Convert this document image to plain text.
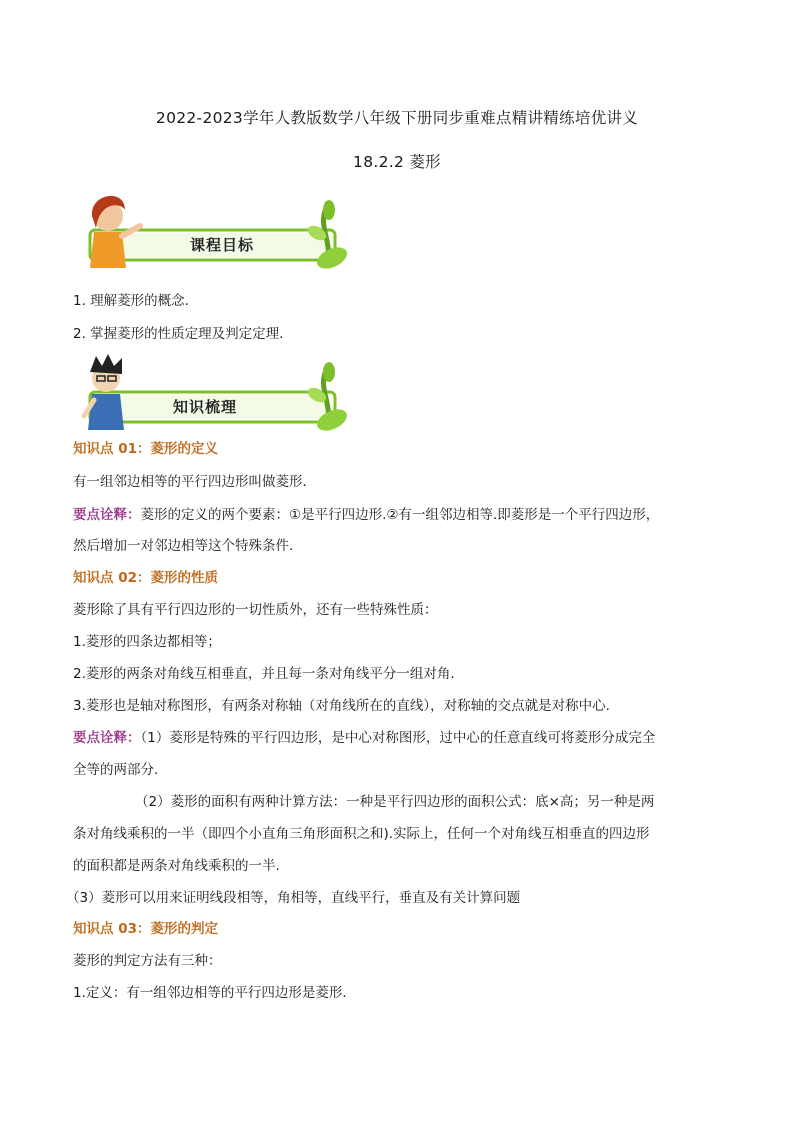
2022-2023学年人教版数学八年级下册同步重难点精讲精练培优讲义
18.2.2 菱形
课程目标
1. 理解菱形的概念.
2. 掌握菱形的性质定理及判定定理.
知识梳理
知识点 01：菱形的定义
有一组邻边相等的平行四边形叫做菱形.
要点诠释：菱形的定义的两个要素：①是平行四边形.②有一组邻边相等.即菱形是一个平行四边形，
然后增加一对邻边相等这个特殊条件.
知识点 02：菱形的性质
菱形除了具有平行四边形的一切性质外，还有一些特殊性质：
1.菱形的四条边都相等；
2.菱形的两条对角线互相垂直，并且每一条对角线平分一组对角.
3.菱形也是轴对称图形，有两条对称轴（对角线所在的直线），对称轴的交点就是对称中心.
要点诠释：（1）菱形是特殊的平行四边形，是中心对称图形，过中心的任意直线可将菱形分成完全
全等的两部分.
（2）菱形的面积有两种计算方法：一种是平行四边形的面积公式：底×高；另一种是两
条对角线乘积的一半（即四个小直角三角形面积之和).实际上，任何一个对角线互相垂直的四边形
的面积都是两条对角线乘积的一半.
（3）菱形可以用来证明线段相等，角相等，直线平行，垂直及有关计算问题
知识点 03：菱形的判定
菱形的判定方法有三种：
1.定义：有一组邻边相等的平行四边形是菱形.
